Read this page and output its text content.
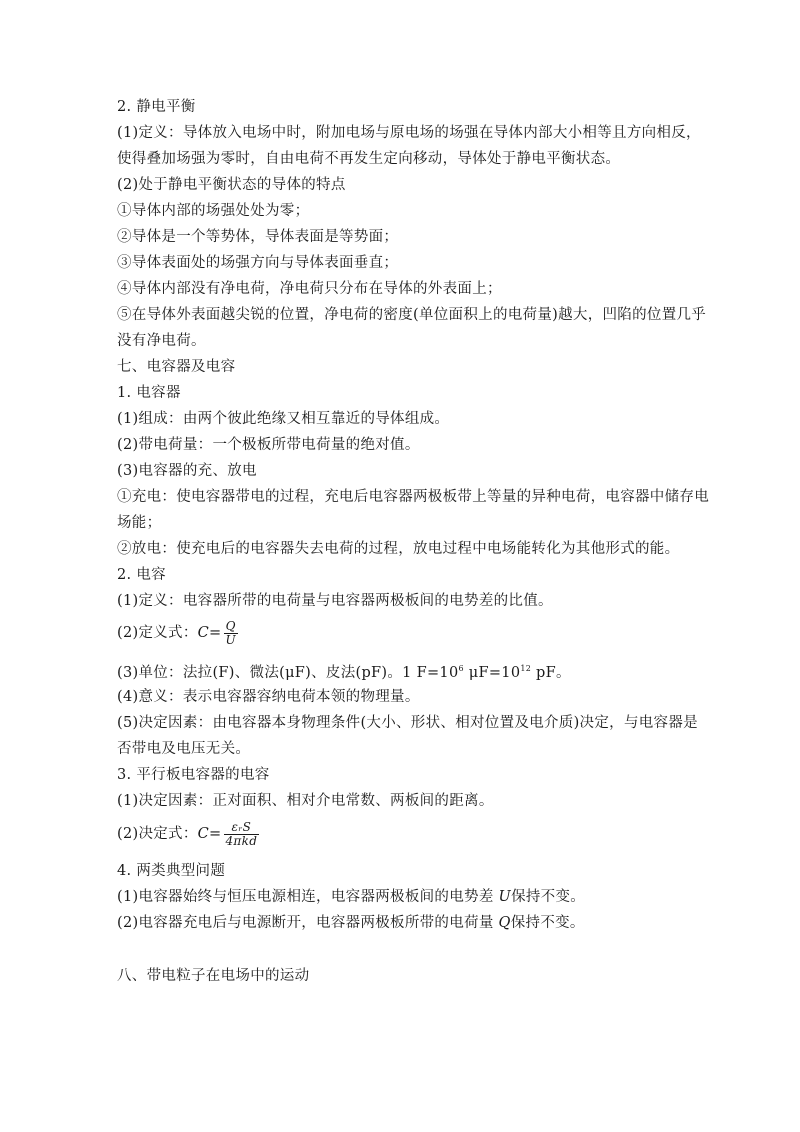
2. 静电平衡
(1)定义：导体放入电场中时，附加电场与原电场的场强在导体内部大小相等且方向相反，
使得叠加场强为零时，自由电荷不再发生定向移动，导体处于静电平衡状态。
(2)处于静电平衡状态的导体的特点
①导体内部的场强处处为零；
②导体是一个等势体，导体表面是等势面；
③导体表面处的场强方向与导体表面垂直；
④导体内部没有净电荷，净电荷只分布在导体的外表面上；
⑤在导体外表面越尖锐的位置，净电荷的密度(单位面积上的电荷量)越大，凹陷的位置几乎
没有净电荷。
七、电容器及电容
1. 电容器
(1)组成：由两个彼此绝缘又相互靠近的导体组成。
(2)带电荷量：一个极板所带电荷量的绝对值。
(3)电容器的充、放电
①充电：使电容器带电的过程，充电后电容器两极板带上等量的异种电荷，电容器中储存电
场能；
②放电：使充电后的电容器失去电荷的过程，放电过程中电场能转化为其他形式的能。
2. 电容
(1)定义：电容器所带的电荷量与电容器两极板间的电势差的比值。
(2)定义式： $C= \frac{Q}{U}$
(3)单位：法拉(F)、微法(μF)、皮法(pF)。1 $F=10^6$ $\mu F=10^{12}$ pF。
(4)意义：表示电容器容纳电荷本领的物理量。
(5)决定因素：由电容器本身物理条件(大小、形状、相对位置及电介质)决定，与电容器是
否带电及电压无关。
3. 平行板电容器的电容
(1)决定因素：正对面积、相对介电常数、两板间的距离。
(2)决定式： $C= \frac{\text{εᵣS}}{\text{4πkd}}$
4. 两类典型问题
(1)电容器始终与恒压电源相连，电容器两极板间的电势差 U保持不变。
(2)电容器充电后与电源断开，电容器两极板所带的电荷量 Q保持不变。
八、带电粒子在电场中的运动
